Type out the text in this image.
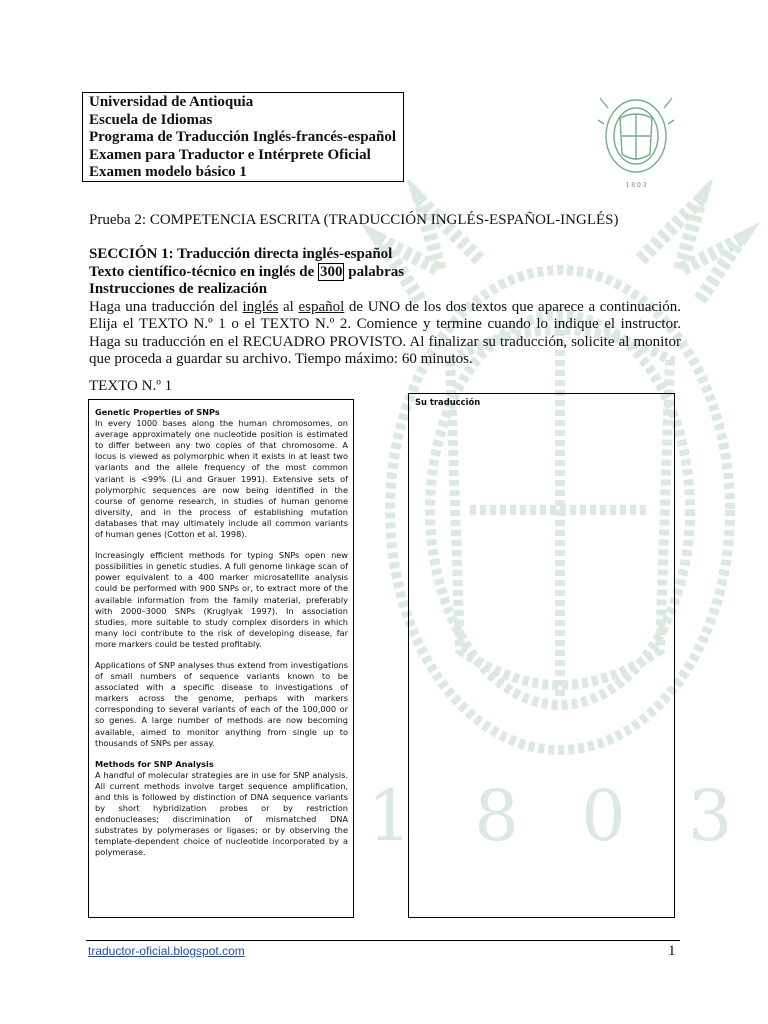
1 8 0 3
Universidad de Antioquia
Escuela de Idiomas
Programa de Traducción Inglés-francés-español
Examen para Traductor e Intérprete Oficial
Examen modelo básico 1
1 8 0 3
Prueba 2: COMPETENCIA ESCRITA (TRADUCCIÓN INGLÉS-ESPAÑOL-INGLÉS)
SECCIÓN 1: Traducción directa inglés-español
Texto científico-técnico en inglés de 300 palabras
Instrucciones de realización

Haga una traducción del inglés al español de UNO de los dos textos que aparece a continuación. Elija el TEXTO N.º 1 o el TEXTO N.º 2. Comience y termine cuando lo indique el instructor. Haga su traducción en el RECUADRO PROVISTO. Al finalizar su traducción, solicite al monitor que proceda a guardar su archivo. Tiempo máximo: 60 minutos.

TEXTO N.º 1
Genetic Properties of SNPs

In every 1000 bases along the human chromosomes, on average approximately one nucleotide position is estimated to differ between any two copies of that chromosome. A locus is viewed as polymorphic when it exists in at least two variants and the allele frequency of the most common variant is <99% (Li and Grauer 1991). Extensive sets of polymorphic sequences are now being identified in the course of genome research, in studies of human genome diversity, and in the process of establishing mutation databases that may ultimately include all common variants of human genes (Cotton et al. 1998).

Increasingly efficient methods for typing SNPs open new possibilities in genetic studies. A full genome linkage scan of power equivalent to a 400 marker microsatellite analysis could be performed with 900 SNPs or, to extract more of the available information from the family material, preferably with 2000–3000 SNPs (Kruglyak 1997). In association studies, more suitable to study complex disorders in which many loci contribute to the risk of developing disease, far more markers could be tested profitably.

Applications of SNP analyses thus extend from investigations of small numbers of sequence variants known to be associated with a specific disease to investigations of markers across the genome, perhaps with markers corresponding to several variants of each of the 100,000 or so genes. A large number of methods are now becoming available, aimed to monitor anything from single up to thousands of SNPs per assay.

Methods for SNP Analysis

A handful of molecular strategies are in use for SNP analysis. All current methods involve target sequence amplification, and this is followed by distinction of DNA sequence variants by short hybridization probes or by restriction endonucleases; discrimination of mismatched DNA substrates by polymerases or ligases; or by observing the template-dependent choice of nucleotide incorporated by a polymerase.

Su traducción
traductor-oficial.blogspot.com	1
